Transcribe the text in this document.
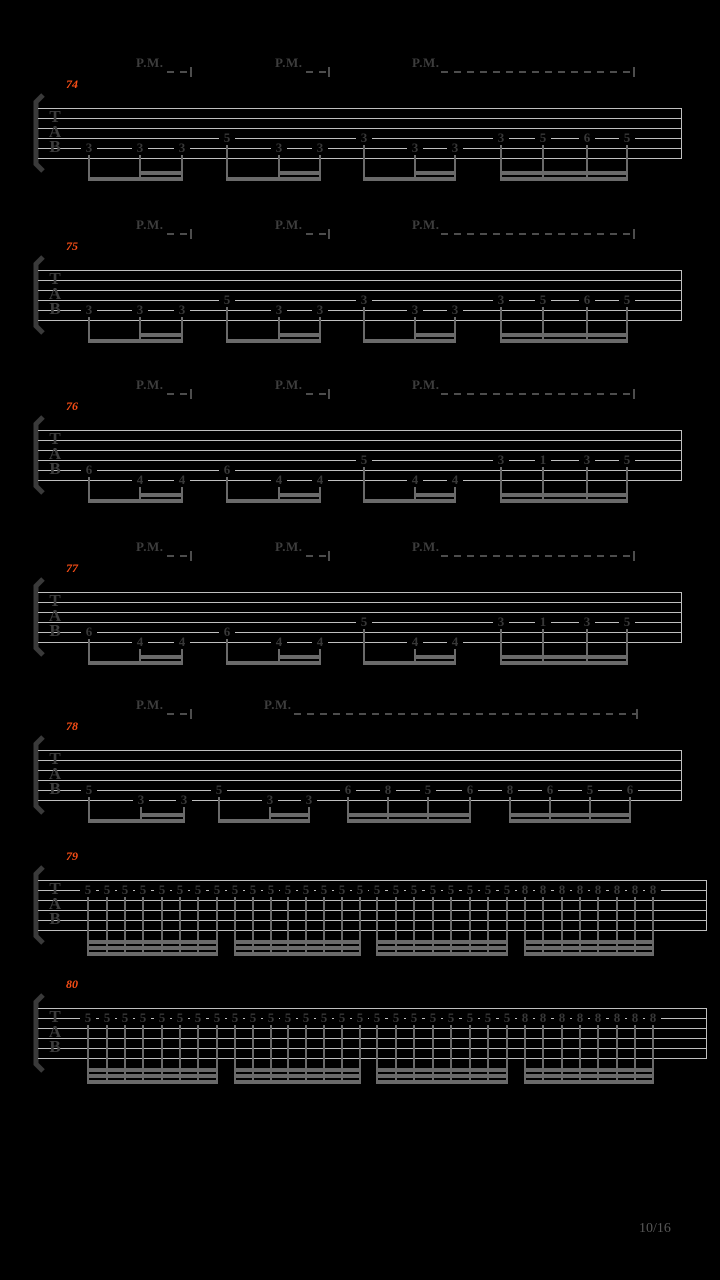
74
P.M.	P.M.	P.M.
T
A
B	3	3	3
5
3	3
3
3	3
3	5	6	5
75
P.M.	P.M.	P.M.
T
A
B	3	3	3
5
3	3
3
3	3
3	5	6	5
76
P.M.	P.M.	P.M.
T
A
B	6
4	4
6
4	4
5
4	4
3	1	3	5
77
P.M.	P.M.	P.M.
T
A
B	6
4	4
6
4	4
5
4	4
3	1	3	5
78
P.M.	P.M.
T
A
B	5
3	3
5
3	3
6	8	5	6	8	6	5	6
79
T
A
B
5 5 5 5 5 5 5 5 5 5 5 5 5 5 5 5 5 5 5 5 5 5 5 5 8 8 8 8 8 8 8 8
80
T
A
B
5 5 5 5 5 5 5 5 5 5 5 5 5 5 5 5 5 5 5 5 5 5 5 5 8 8 8 8 8 8 8 8
10/16
